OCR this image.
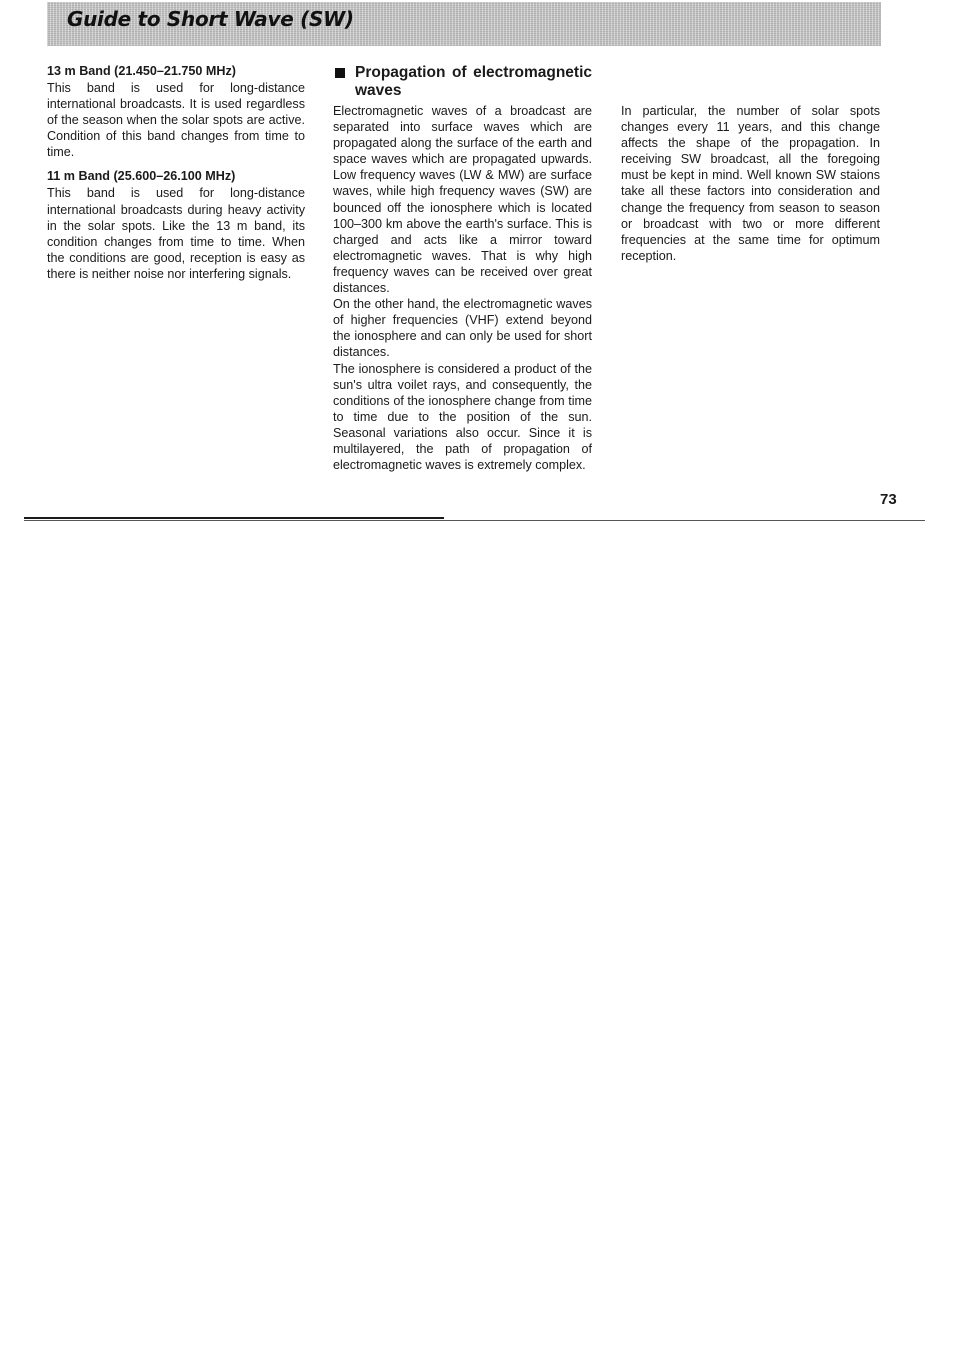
Guide to Short Wave (SW)
13 m Band (21.450–21.750 MHz)

This band is used for long-distance international broadcasts. It is used regardless of the season when the solar spots are active. Condition of this band changes from time to time.

11 m Band (25.600–26.100 MHz)

This band is used for long-distance international broadcasts during heavy activity in the solar spots. Like the 13 m band, its condition changes from time to time. When the conditions are good, reception is easy as there is neither noise nor interfering signals.

Propagation of electromagnetic waves

Electromagnetic waves of a broadcast are separated into surface waves which are propagated along the surface of the earth and space waves which are propagated upwards. Low frequency waves (LW & MW) are surface waves, while high frequency waves (SW) are bounced off the ionosphere which is located 100–300 km above the earth's surface. This is charged and acts like a mirror toward electromagnetic waves. That is why high frequency waves can be received over great distances.

On the other hand, the electromagnetic waves of higher frequencies (VHF) extend beyond the ionosphere and can only be used for short distances.

The ionosphere is considered a product of the sun's ultra voilet rays, and consequently, the conditions of the ionosphere change from time to time due to the position of the sun. Seasonal variations also occur. Since it is multilayered, the path of propagation of electromagnetic waves is extremely complex.

In particular, the number of solar spots changes every 11 years, and this change affects the shape of the propagation. In receiving SW broadcast, all the foregoing must be kept in mind. Well known SW staions take all these factors into consideration and change the frequency from season to season or broadcast with two or more different frequencies at the same time for optimum reception.

73
